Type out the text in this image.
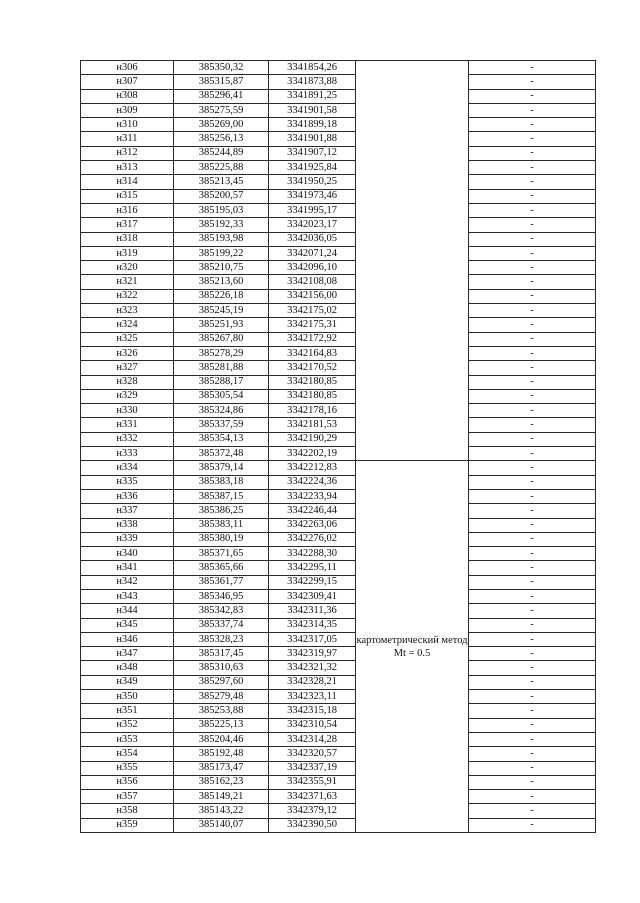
н306	385350,32	3341854,26		-
н307	385315,87	3341873,88		-
н308	385296,41	3341891,25		-
н309	385275,59	3341901,58		-
н310	385269,00	3341899,18		-
н311	385256,13	3341901,88		-
н312	385244,89	3341907,12		-
н313	385225,88	3341925,84		-
н314	385213,45	3341950,25		-
н315	385200,57	3341973,46		-
н316	385195,03	3341995,17		-
н317	385192,33	3342023,17		-
н318	385193,98	3342036,05		-
н319	385199,22	3342071,24		-
н320	385210,75	3342096,10		-
н321	385213,60	3342108,08		-
н322	385226,18	3342156,00		-
н323	385245,19	3342175,02		-
н324	385251,93	3342175,31		-
н325	385267,80	3342172,92		-
н326	385278,29	3342164,83		-
н327	385281,88	3342170,52		-
н328	385288,17	3342180,85		-
н329	385305,54	3342180,85		-
н330	385324,86	3342178,16		-
н331	385337,59	3342181,53		-
н332	385354,13	3342190,29		-
н333	385372,48	3342202,19		-
н334	385379,14	3342212,83	картометрический метод Mt = 0.5	-
н335	385383,18	3342224,36		-
н336	385387,15	3342233,94		-
н337	385386,25	3342246,44		-
н338	385383,11	3342263,06		-
н339	385380,19	3342276,02		-
н340	385371,65	3342288,30		-
н341	385365,66	3342295,11		-
н342	385361,77	3342299,15		-
н343	385346,95	3342309,41		-
н344	385342,83	3342311,36		-
н345	385337,74	3342314,35		-
н346	385328,23	3342317,05		-
н347	385317,45	3342319,97		-
н348	385310,63	3342321,32		-
н349	385297,60	3342328,21		-
н350	385279,48	3342323,11		-
н351	385253,88	3342315,18		-
н352	385225,13	3342310,54		-
н353	385204,46	3342314,28		-
н354	385192,48	3342320,57		-
н355	385173,47	3342337,19		-
н356	385162,23	3342355,91		-
н357	385149,21	3342371,63		-
н358	385143,22	3342379,12		-
н359	385140,07	3342390,50		-
